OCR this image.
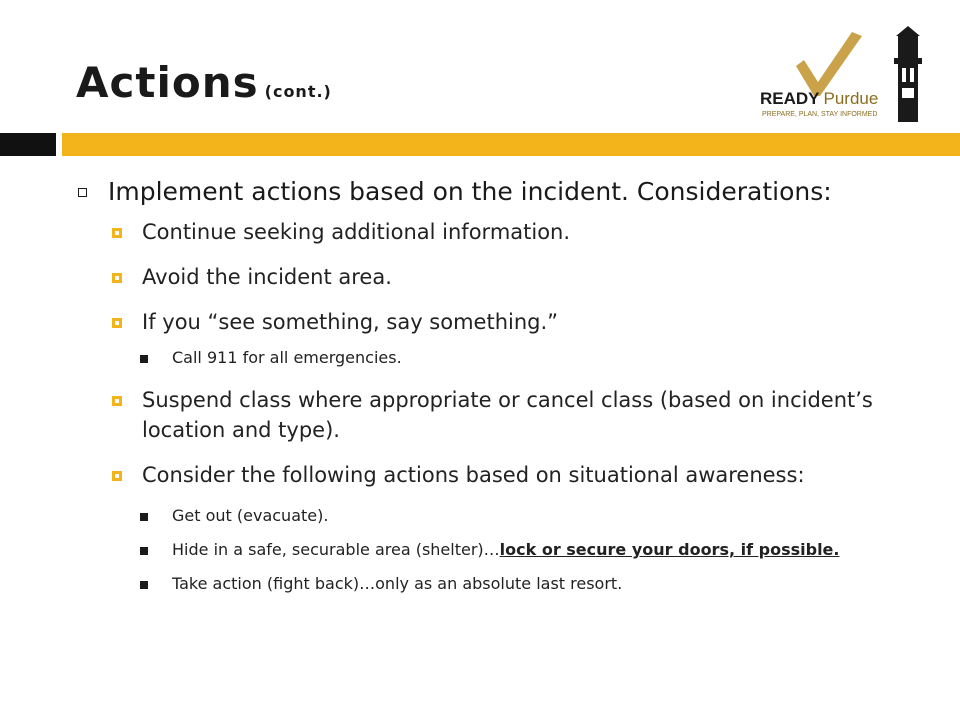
Actions (cont.)	READY Purdue
PREPARE, PLAN, STAY INFORMED
Implement actions based on the incident. Considerations:
Continue seeking additional information.
Avoid the incident area.
If you “see something, say something.”
Call 911 for all emergencies.
Suspend class where appropriate or cancel class (based on incident’s location and type).
Consider the following actions based on situational awareness:
Get out (evacuate).
Hide in a safe, securable area (shelter)…lock or secure your doors, if possible.
Take action (fight back)…only as an absolute last resort.
